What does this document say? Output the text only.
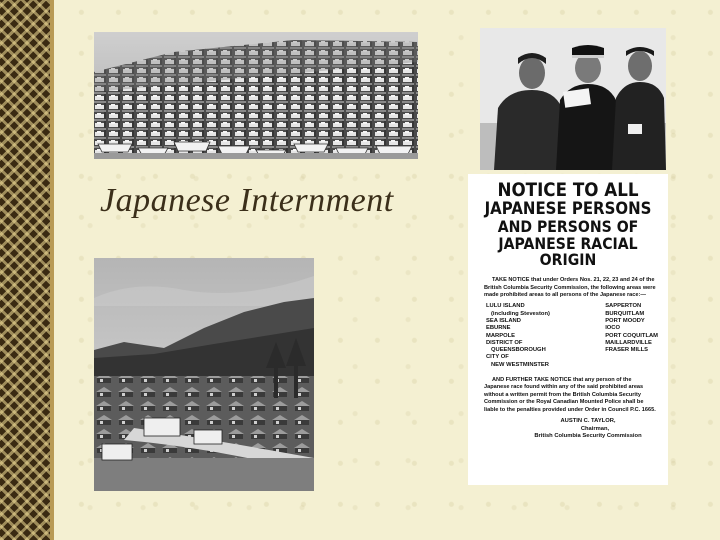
Japanese Internment	NOTICE TO ALL

JAPANESE PERSONS

AND PERSONS OF

JAPANESE RACIAL ORIGIN

TAKE NOTICE that under Orders Nos. 21, 22, 23 and 24 of the British Columbia Security Commission, the following areas were made prohibited areas to all persons of the Japanese race:—

LULU ISLAND
(including Steveston)
SEA ISLAND
EBURNE
MARPOLE
DISTRICT OF
QUEENSBOROUGH
CITY OF
NEW WESTMINSTER
SAPPERTON
BURQUITLAM
PORT MOODY
IOCO
PORT COQUITLAM
MAILLARDVILLE
FRASER MILLS

AND FURTHER TAKE NOTICE that any person of the Japanese race found within any of the said prohibited areas without a written permit from the British Columbia Security Commission or the Royal Canadian Mounted Police shall be liable to the penalties provided under Order in Council P.C. 1665.

AUSTIN C. TAYLOR,
Chairman,
British Columbia Security Commission
